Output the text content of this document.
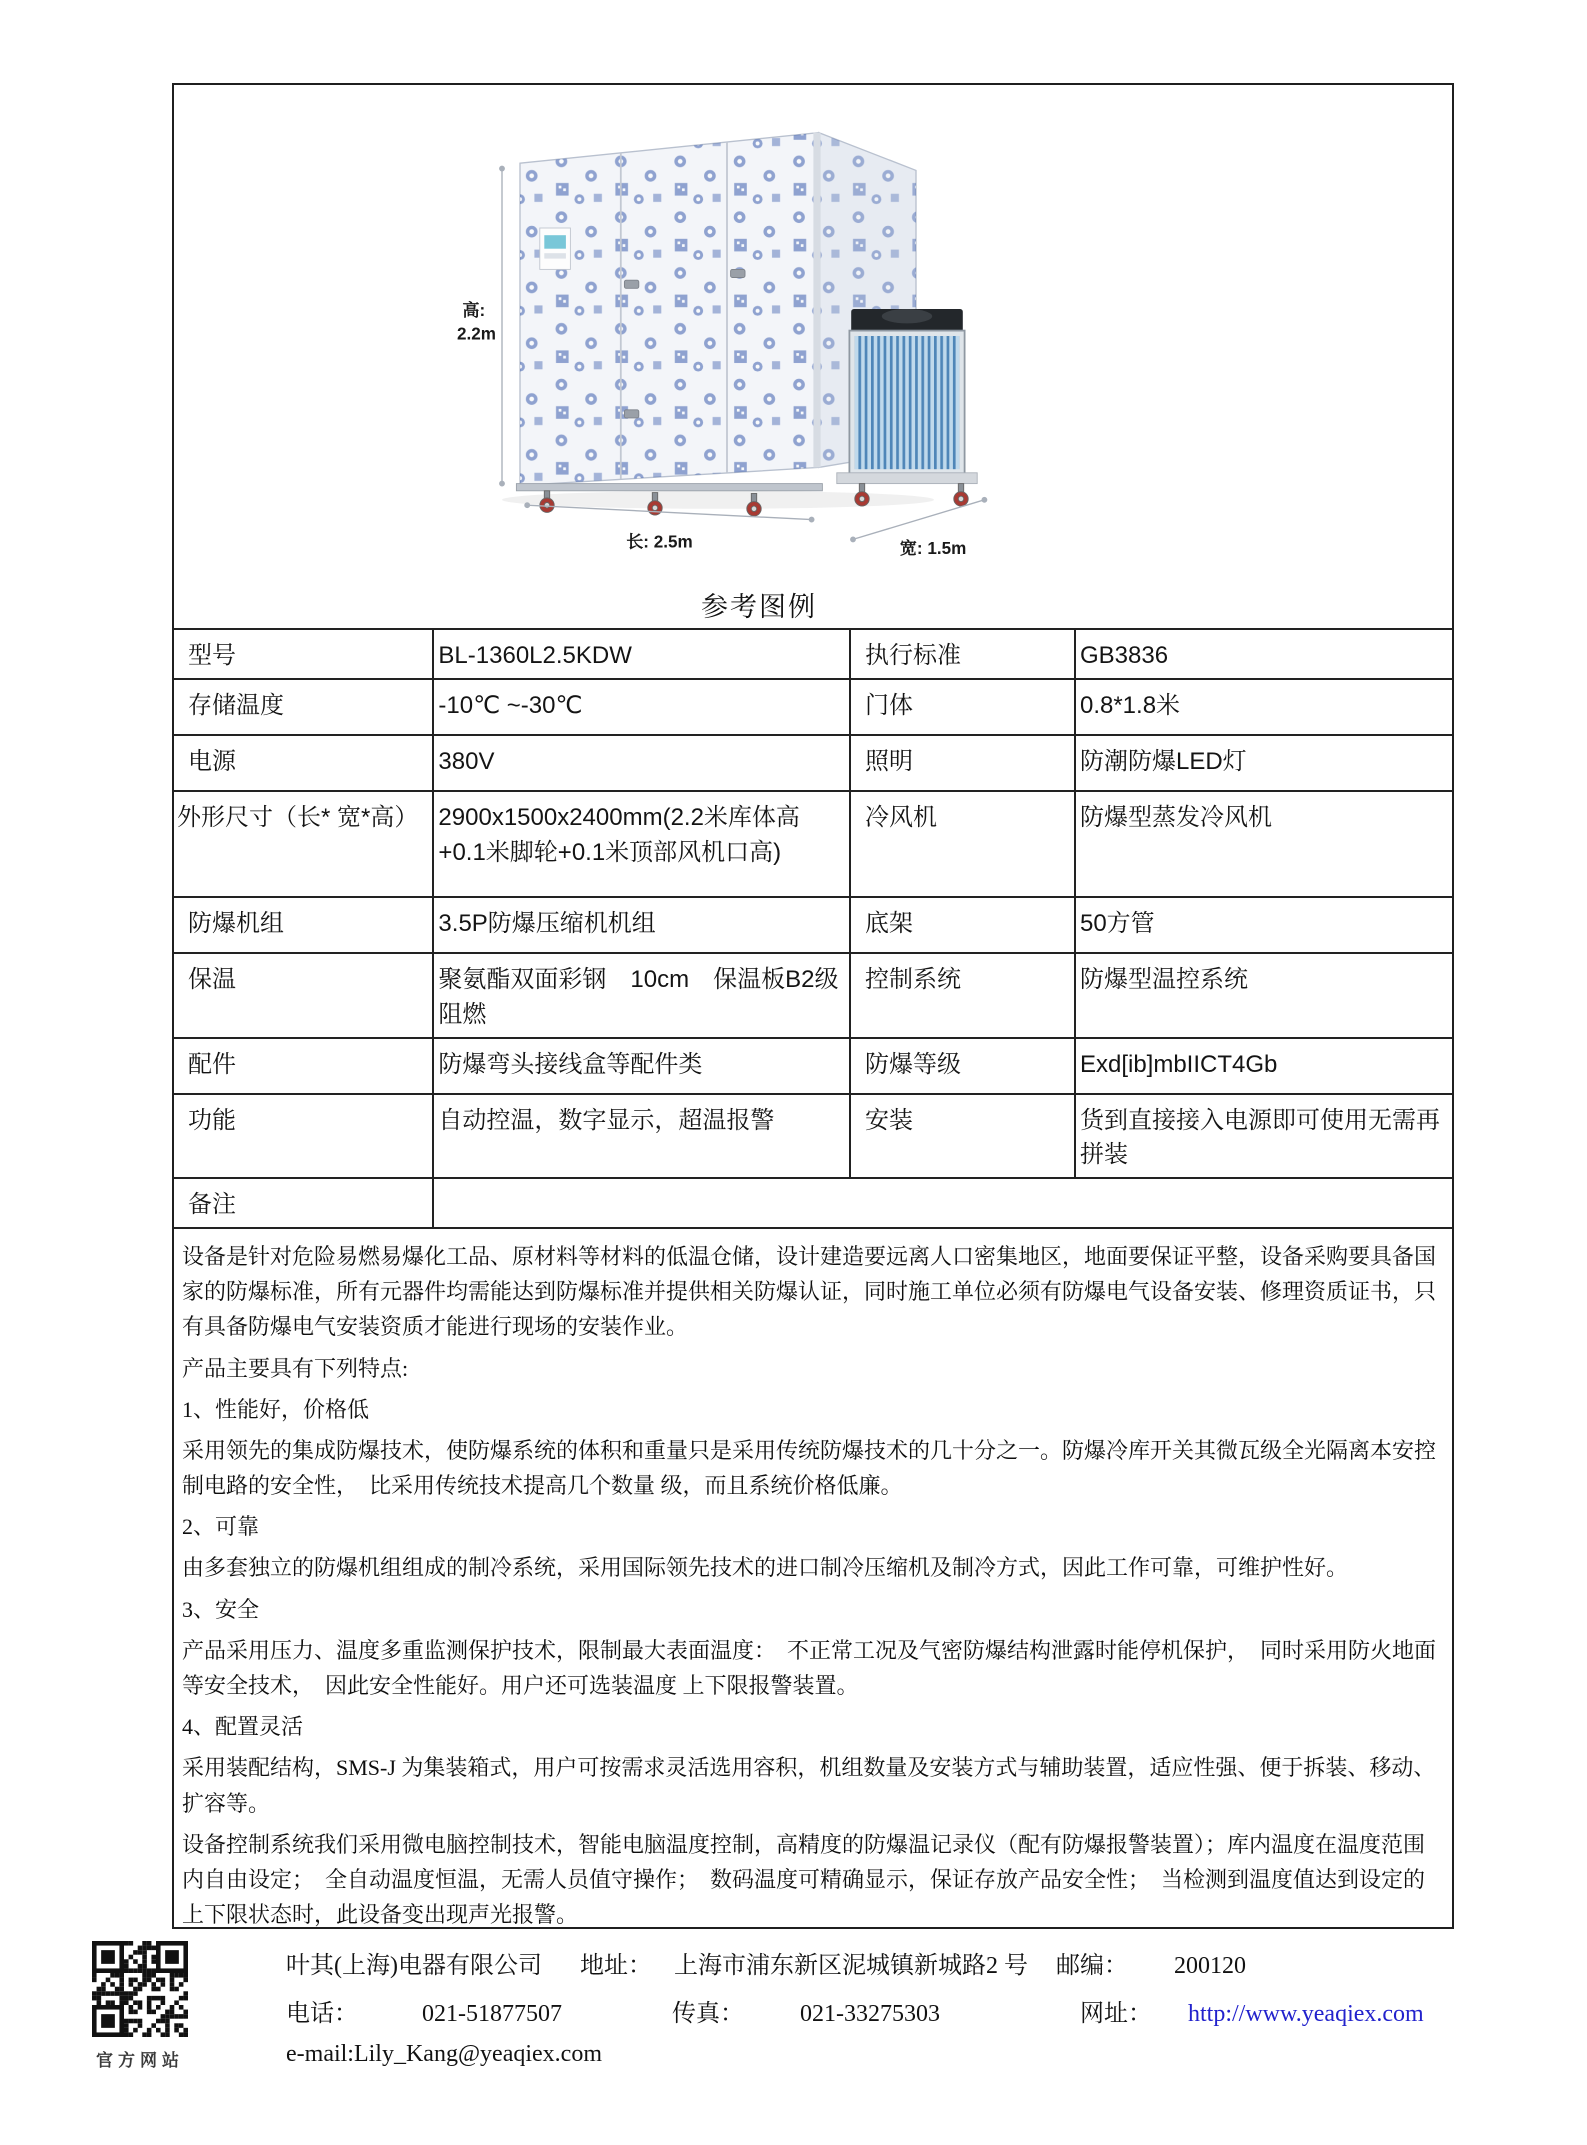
高:
2.2m
长: 2.5m	宽: 1.5m
参考图例
型号	BL-1360L2.5KDW	执行标准	GB3836
存储温度	-10℃ ~-30℃	门体	0.8*1.8米
电源	380V	照明	防潮防爆LED灯
外形尺寸（长* 宽*高）	2900x1500x2400mm(2.2米库体高+0.1米脚轮+0.1米顶部风机口高)	冷风机	防爆型蒸发冷风机
防爆机组	3.5P防爆压缩机机组	底架	50方管
保温	聚氨酯双面彩钢　10cm　保温板B2级阻燃	控制系统	防爆型温控系统
配件	防爆弯头接线盒等配件类	防爆等级	Exd[ib]mbIICT4Gb
功能	自动控温，数字显示，超温报警	安装	货到直接接入电源即可使用无需再拼装
备注			

设备是针对危险易燃易爆化工品、原材料等材料的低温仓储，设计建造要远离人口密集地区，地面要保证平整，设备采购要具备国家的防爆标准，所有元器件均需能达到防爆标准并提供相关防爆认证，同时施工单位必须有防爆电气设备安装、修理资质证书，只有具备防爆电气安装资质才能进行现场的安装作业。

产品主要具有下列特点:

1、性能好，价格低

采用领先的集成防爆技术，使防爆系统的体积和重量只是采用传统防爆技术的几十分之一。防爆冷库开关其微瓦级全光隔离本安控制电路的安全性，　比采用传统技术提高几个数量 级，而且系统价格低廉。

2、可靠

由多套独立的防爆机组组成的制冷系统，采用国际领先技术的进口制冷压缩机及制冷方式，因此工作可靠，可维护性好。

3、安全

产品采用压力、温度多重监测保护技术，限制最大表面温度：　不正常工况及气密防爆结构泄露时能停机保护，　同时采用防火地面等安全技术，　因此安全性能好。用户还可选装温度 上下限报警装置。

4、配置灵活

采用装配结构，SMS-J 为集装箱式，用户可按需求灵活选用容积，机组数量及安装方式与辅助装置，适应性强、便于拆装、移动、扩容等。

设备控制系统我们采用微电脑控制技术，智能电脑温度控制，高精度的防爆温记录仪（配有防爆报警装置）；库内温度在温度范围内自由设定；　全自动温度恒温，无需人员值守操作；　数码温度可精确显示，保证存放产品安全性；　当检测到温度值达到设定的上下限状态时，此设备变出现声光报警。

官方网站
叶其(上海)电器有限公司 地址： 上海市浦东新区泥城镇新城路2 号 邮编： 200120
电话：	021-51877507	传真： 021-33275303	网址： http://www.yeaqiex.com
e-mail:Lily_Kang@yeaqiex.com
